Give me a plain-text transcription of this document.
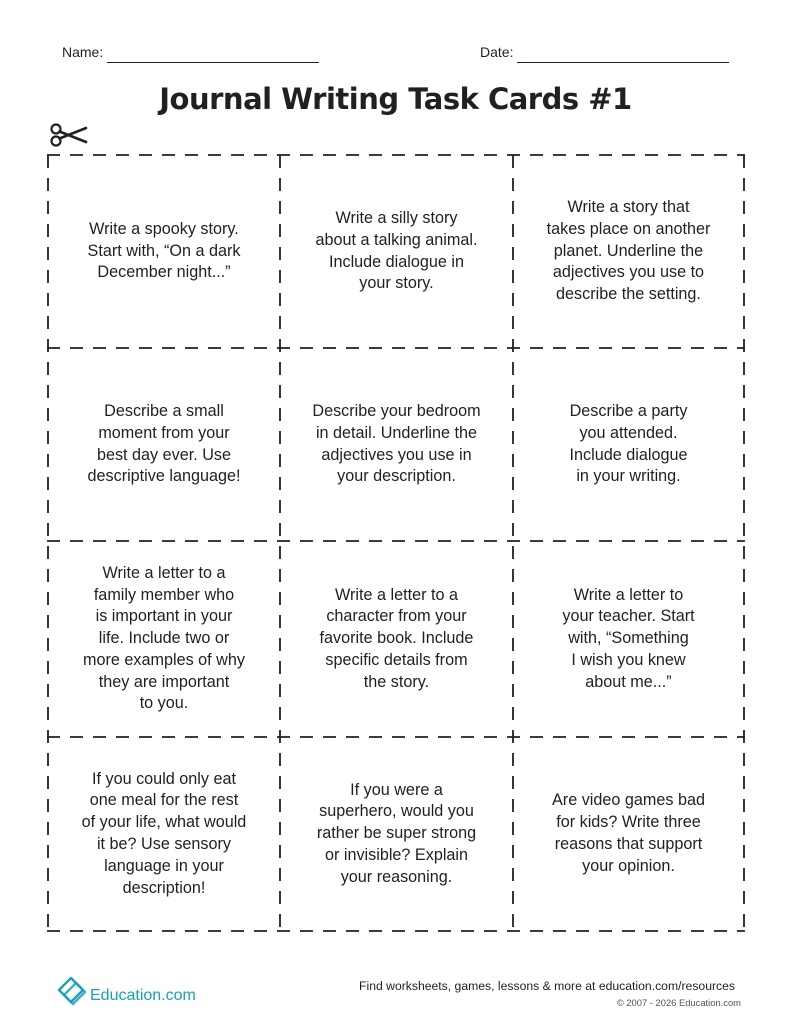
Name:	Date:
Journal Writing Task Cards #1
Write a spooky story.
Start with, “On a dark
December night...”
Write a silly story
about a talking animal.
Include dialogue in
your story.
Write a story that
takes place on another
planet. Underline the
adjectives you use to
describe the setting.
Describe a small
moment from your
best day ever. Use
descriptive language!
Describe your bedroom
in detail. Underline the
adjectives you use in
your description.
Describe a party
you attended.
Include dialogue
in your writing.
Write a letter to a
family member who
is important in your
life. Include two or
more examples of why
they are important
to you.
Write a letter to a
character from your
favorite book. Include
specific details from
the story.
Write a letter to
your teacher. Start
with, “Something
I wish you knew
about me...”
If you could only eat
one meal for the rest
of your life, what would
it be? Use sensory
language in your
description!
If you were a
superhero, would you
rather be super strong
or invisible? Explain
your reasoning.
Are video games bad
for kids? Write three
reasons that support
your opinion.
Education.com
Find worksheets, games, lessons & more at education.com/resources
© 2007 - 2026 Education.com
